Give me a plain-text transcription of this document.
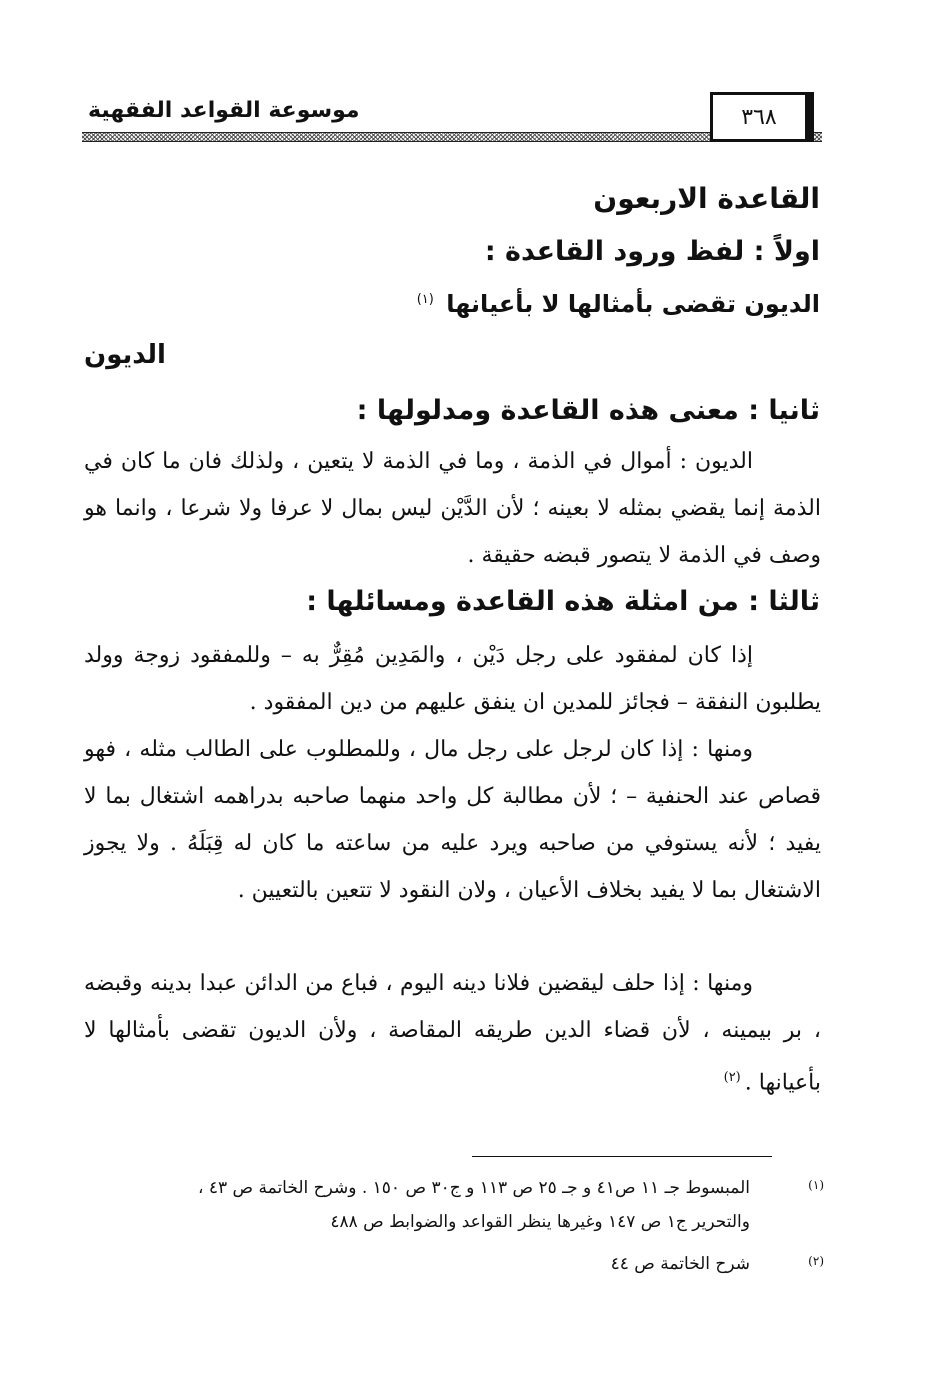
موسوعة القواعد الفقهية	٣٦٨
القاعدة الاربعون
اولاً : لفظ ورود القاعدة :
الديون تقضى بأمثالها لا بأعيانها $^{(١)}$
الديون
ثانيا : معنى هذه القاعدة ومدلولها :
الديون : أموال في الذمة ، وما في الذمة لا يتعين ، ولذلك فان ما كان في الذمة إنما يقضي بمثله لا بعينه ؛ لأن الدَّيْن ليس بمال لا عرفا ولا شرعا ، وانما هو وصف في الذمة لا يتصور قبضه حقيقة .
ثالثا : من امثلة هذه القاعدة ومسائلها :
إذا كان لمفقود على رجل دَيْن ، والمَدِين مُقِرٌّ به – وللمفقود زوجة وولد يطلبون النفقة – فجائز للمدين ان ينفق عليهم من دين المفقود .
ومنها : إذا كان لرجل على رجل مال ، وللمطلوب على الطالب مثله ، فهو قصاص عند الحنفية – ؛ لأن مطالبة كل واحد منهما صاحبه بدراهمه اشتغال بما لا يفيد ؛ لأنه يستوفي من صاحبه ويرد عليه من ساعته ما كان له قِبَلَهُ . ولا يجوز الاشتغال بما لا يفيد بخلاف الأعيان ، ولان النقود لا تتعين بالتعيين .
ومنها : إذا حلف ليقضين فلانا دينه اليوم ، فباع من الدائن عبدا بدينه وقبضه ، بر بيمينه ، لأن قضاء الدين طريقه المقاصة ، ولأن الديون تقضى بأمثالها لا بأعيانها .$^{(٢)}$
(١)
المبسوط جـ ١١ ص٤١ و جـ ٢٥ ص ١١٣ و ج٣٠ ص ١٥٠ . وشرح الخاتمة ص ٤٣ ،
والتحرير ج١ ص ١٤٧ وغيرها ينظر القواعد والضوابط ص ٤٨٨
(٢)
شرح الخاتمة ص ٤٤
